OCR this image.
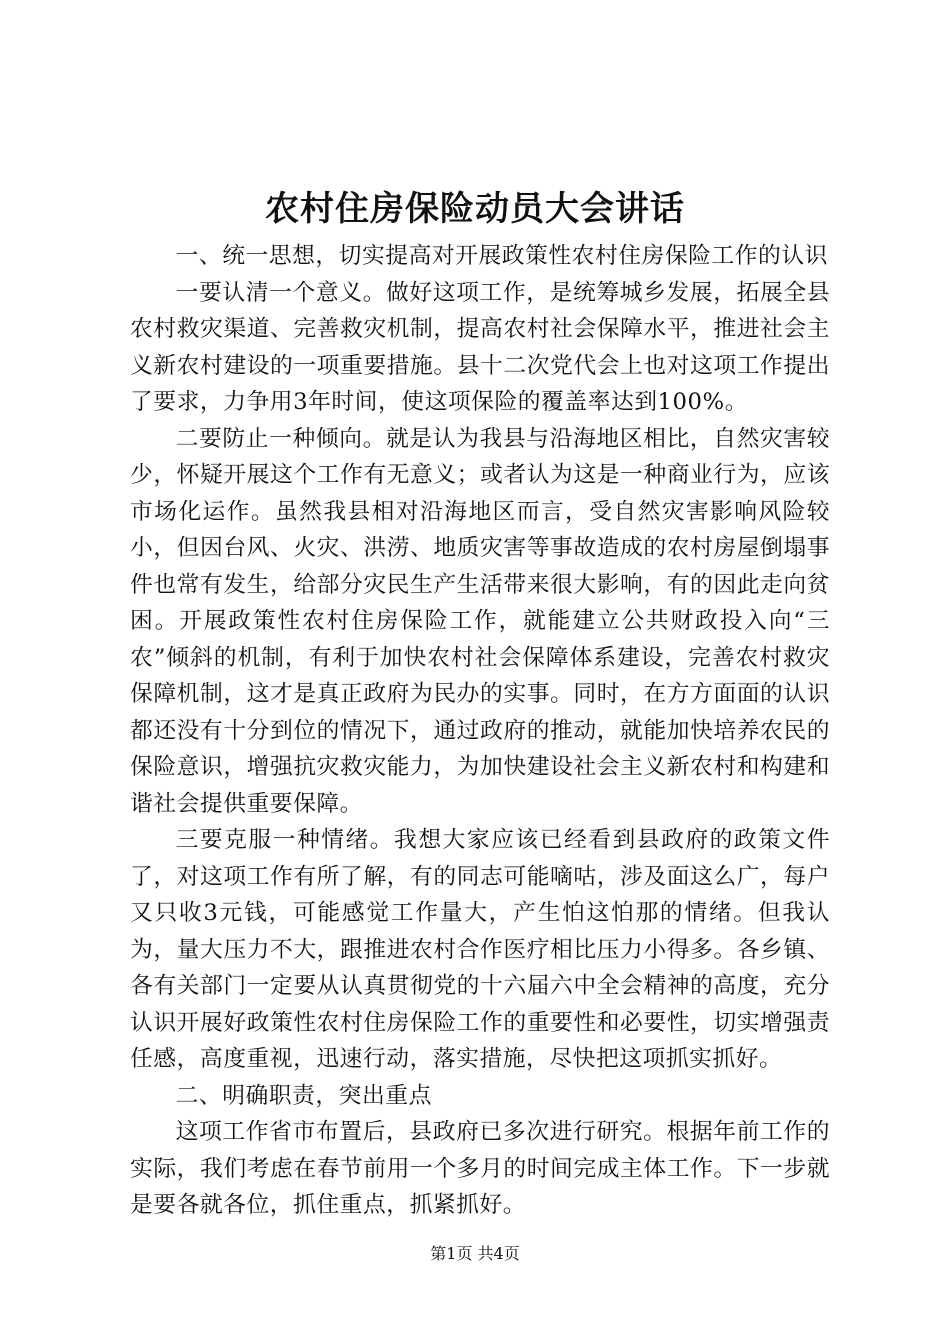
农村住房保险动员大会讲话

一、统一思想，切实提高对开展政策性农村住房保险工作的认识

一要认清一个意义。做好这项工作，是统筹城乡发展，拓展全县农村救灾渠道、完善救灾机制，提高农村社会保障水平，推进社会主义新农村建设的一项重要措施。县十二次党代会上也对这项工作提出了要求，力争用3年时间，使这项保险的覆盖率达到100%。

二要防止一种倾向。就是认为我县与沿海地区相比，自然灾害较少，怀疑开展这个工作有无意义；或者认为这是一种商业行为，应该市场化运作。虽然我县相对沿海地区而言，受自然灾害影响风险较小，但因台风、火灾、洪涝、地质灾害等事故造成的农村房屋倒塌事件也常有发生，给部分灾民生产生活带来很大影响，有的因此走向贫困。开展政策性农村住房保险工作，就能建立公共财政投入向“三农”倾斜的机制，有利于加快农村社会保障体系建设，完善农村救灾保障机制，这才是真正政府为民办的实事。同时，在方方面面的认识都还没有十分到位的情况下，通过政府的推动，就能加快培养农民的保险意识，增强抗灾救灾能力，为加快建设社会主义新农村和构建和谐社会提供重要保障。

三要克服一种情绪。我想大家应该已经看到县政府的政策文件了，对这项工作有所了解，有的同志可能嘀咕，涉及面这么广，每户又只收3元钱，可能感觉工作量大，产生怕这怕那的情绪。但我认为，量大压力不大，跟推进农村合作医疗相比压力小得多。各乡镇、各有关部门一定要从认真贯彻党的十六届六中全会精神的高度，充分认识开展好政策性农村住房保险工作的重要性和必要性，切实增强责任感，高度重视，迅速行动，落实措施，尽快把这项抓实抓好。

二、明确职责，突出重点

这项工作省市布置后，县政府已多次进行研究。根据年前工作的实际，我们考虑在春节前用一个多月的时间完成主体工作。下一步就是要各就各位，抓住重点，抓紧抓好。

第1页 共4页
